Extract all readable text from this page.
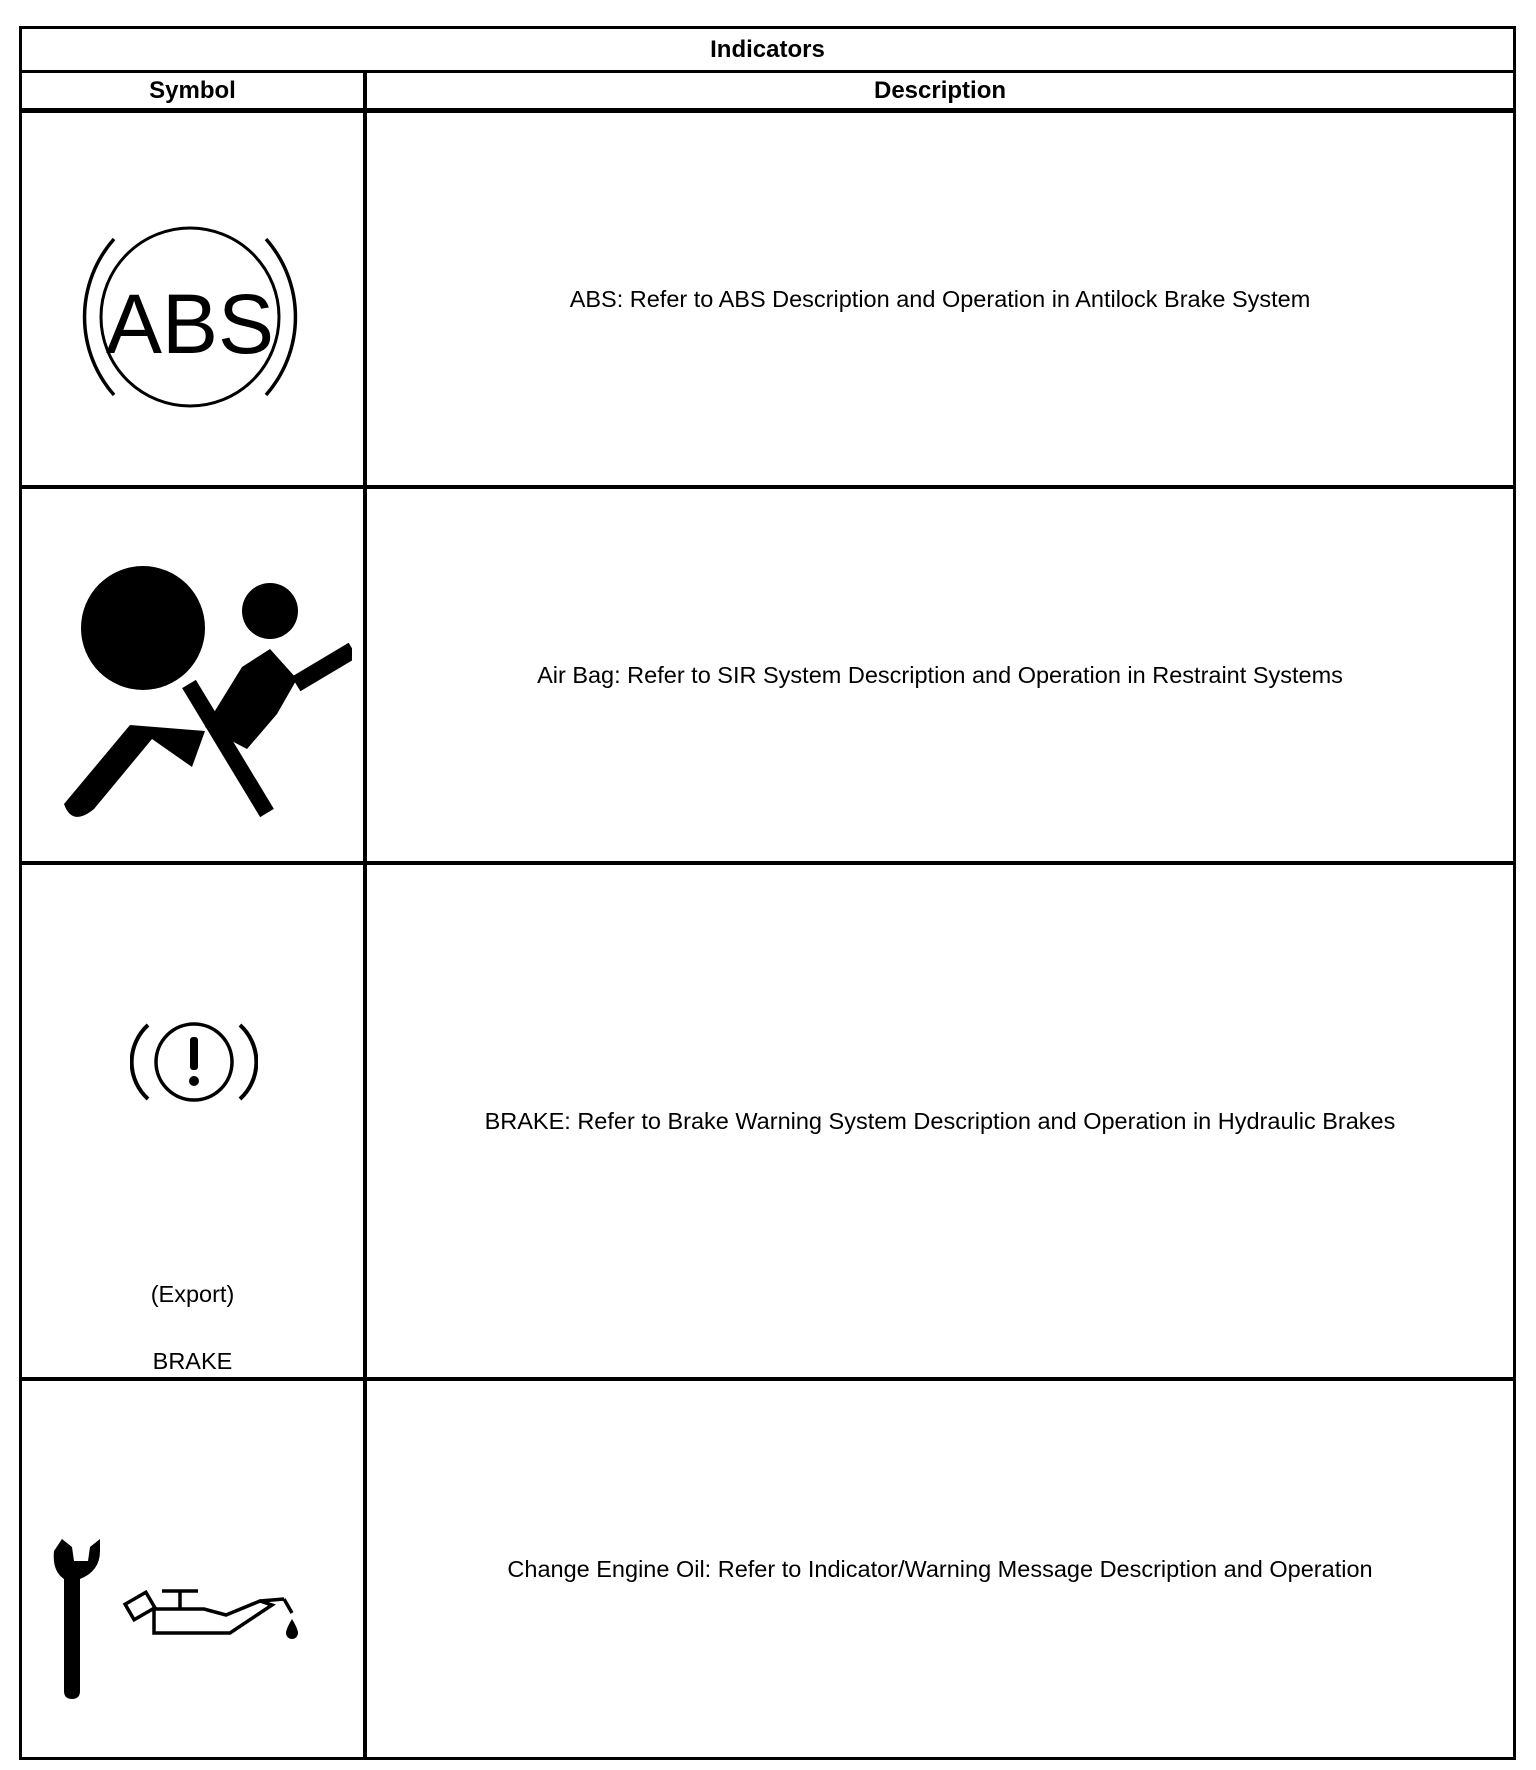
Indicators
Symbol	Description
ABS	ABS: Refer to ABS Description and Operation in Antilock Brake System
Air Bag: Refer to SIR System Description and Operation in Restraint Systems
(Export)
BRAKE
BRAKE: Refer to Brake Warning System Description and Operation in Hydraulic Brakes
Change Engine Oil: Refer to Indicator/Warning Message Description and Operation
